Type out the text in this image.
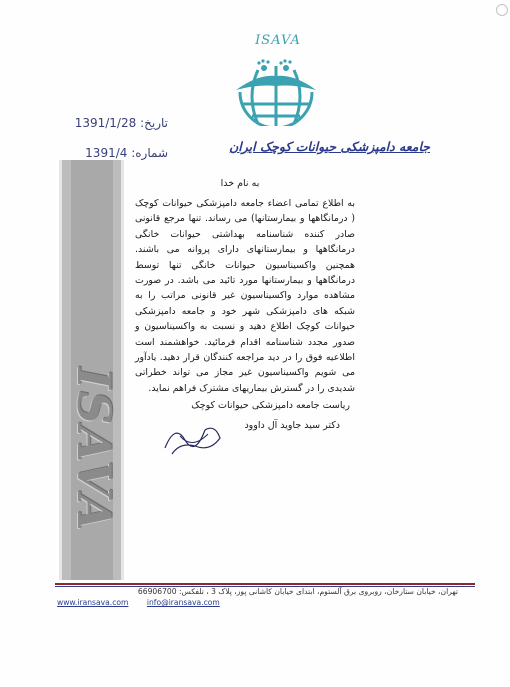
ISAVA
تاریخ: 1391/1/28
شماره: 1391/4	جامعه دامپزشکی حیوانات کوچک ایران
ISAVA
به نام خدا
به اطلاع تمامی اعضاء جامعه دامپزشکی حیوانات کوچک ( درمانگاهها و بیمارستانها) می رساند. تنها مرجع قانونی صادر کننده شناسنامه بهداشتی حیوانات خانگی درمانگاهها و بیمارستانهای دارای پروانه می باشند. همچنین واکسیناسیون حیوانات خانگی تنها توسط درمانگاهها و بیمارستانها مورد تائید می باشد. در صورت مشاهده موارد واکسیناسیون غیر قانونی مراتب را به شبکه های دامپزشکی شهر خود و جامعه دامپزشکی حیوانات کوچک اطلاع دهید و نسبت به واکسیناسیون و صدور مجدد شناسنامه اقدام فرمائید. خواهشمند است اطلاعیه فوق را در دید مراجعه کنندگان قرار دهید. یادآور می شویم واکسیناسیون غیر مجاز می تواند خطراتی شدیدی را در گسترش بیماریهای مشترک فراهم نماید.
ریاست جامعه دامپزشکی حیوانات کوچک
دکتر سید جاوید آل داوود
تهران، خیابان ستارخان، روبروی برق آلستوم، ابتدای خیابان کاشانی پور، پلاک 3 ، تلفکس: 66906700
www.iransava.com info@iransava.com
